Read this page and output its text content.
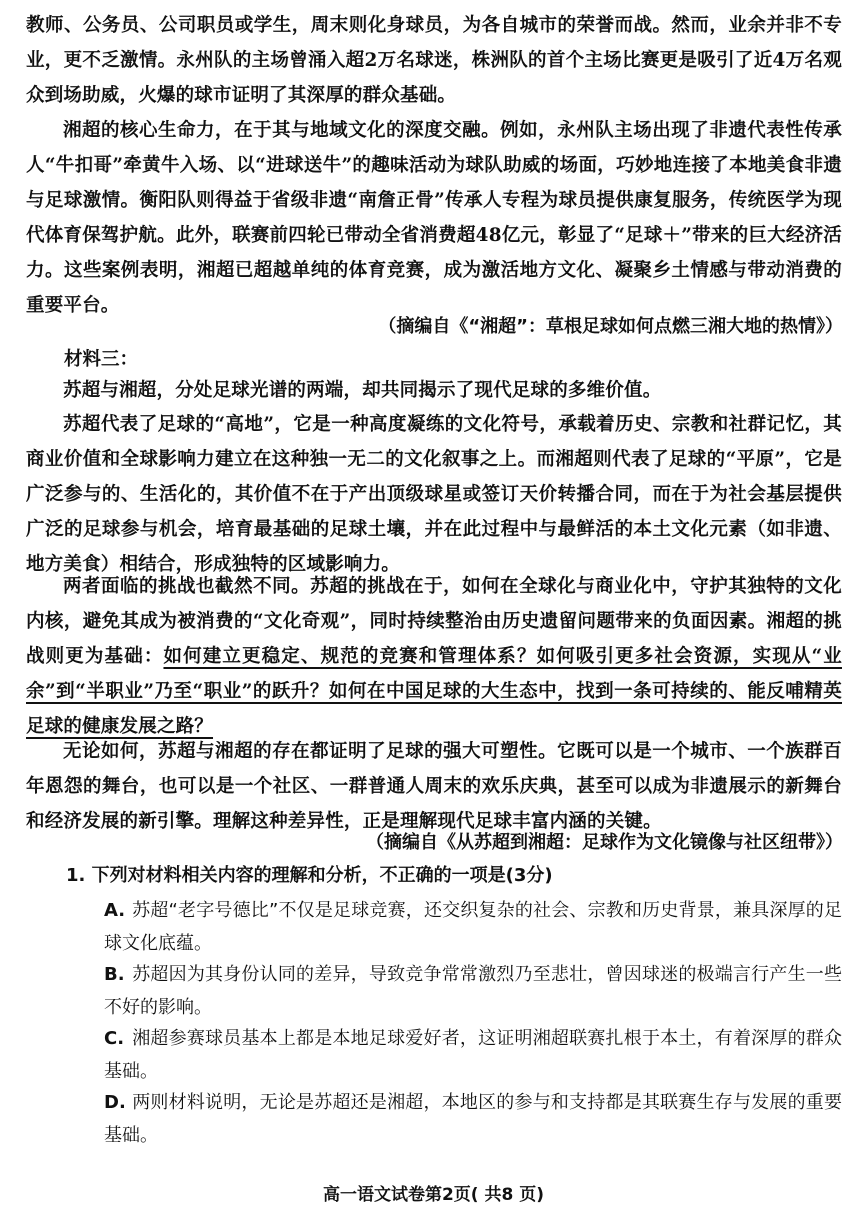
教师、公务员、公司职员或学生，周末则化身球员，为各自城市的荣誉而战。然而，业余并非不专业，更不乏激情。永州队的主场曾涌入超2万名球迷，株洲队的首个主场比赛更是吸引了近4万名观众到场助威，火爆的球市证明了其深厚的群众基础。

湘超的核心生命力，在于其与地域文化的深度交融。例如，永州队主场出现了非遗代表性传承人“牛扣哥”牵黄牛入场、以“进球送牛”的趣味活动为球队助威的场面，巧妙地连接了本地美食非遗与足球激情。衡阳队则得益于省级非遗“南詹正骨”传承人专程为球员提供康复服务，传统医学为现代体育保驾护航。此外，联赛前四轮已带动全省消费超48亿元，彰显了“足球＋”带来的巨大经济活力。这些案例表明，湘超已超越单纯的体育竞赛，成为激活地方文化、凝聚乡土情感与带动消费的重要平台。

（摘编自《“湘超”：草根足球如何点燃三湘大地的热情》）

材料三：

苏超与湘超，分处足球光谱的两端，却共同揭示了现代足球的多维价值。

苏超代表了足球的“高地”，它是一种高度凝练的文化符号，承载着历史、宗教和社群记忆，其商业价值和全球影响力建立在这种独一无二的文化叙事之上。而湘超则代表了足球的“平原”，它是广泛参与的、生活化的，其价值不在于产出顶级球星或签订天价转播合同，而在于为社会基层提供广泛的足球参与机会，培育最基础的足球土壤，并在此过程中与最鲜活的本土文化元素（如非遗、地方美食）相结合，形成独特的区域影响力。

两者面临的挑战也截然不同。苏超的挑战在于，如何在全球化与商业化中，守护其独特的文化内核，避免其成为被消费的“文化奇观”，同时持续整治由历史遗留问题带来的负面因素。湘超的挑战则更为基础：如何建立更稳定、规范的竞赛和管理体系？如何吸引更多社会资源，实现从“业余”到“半职业”乃至“职业”的跃升？如何在中国足球的大生态中，找到一条可持续的、能反哺精英足球的健康发展之路？

无论如何，苏超与湘超的存在都证明了足球的强大可塑性。它既可以是一个城市、一个族群百年恩怨的舞台，也可以是一个社区、一群普通人周末的欢乐庆典，甚至可以成为非遗展示的新舞台和经济发展的新引擎。理解这种差异性，正是理解现代足球丰富内涵的关键。

（摘编自《从苏超到湘超：足球作为文化镜像与社区纽带》）

1. 下列对材料相关内容的理解和分析，不正确的一项是(3分)

A. 苏超“老字号德比”不仅是足球竞赛，还交织复杂的社会、宗教和历史背景，兼具深厚的足球文化底蕴。

B. 苏超因为其身份认同的差异，导致竞争常常激烈乃至悲壮，曾因球迷的极端言行产生一些不好的影响。

C. 湘超参赛球员基本上都是本地足球爱好者，这证明湘超联赛扎根于本土，有着深厚的群众基础。

D. 两则材料说明，无论是苏超还是湘超，本地区的参与和支持都是其联赛生存与发展的重要基础。

高一语文试卷第2页( 共8 页)
